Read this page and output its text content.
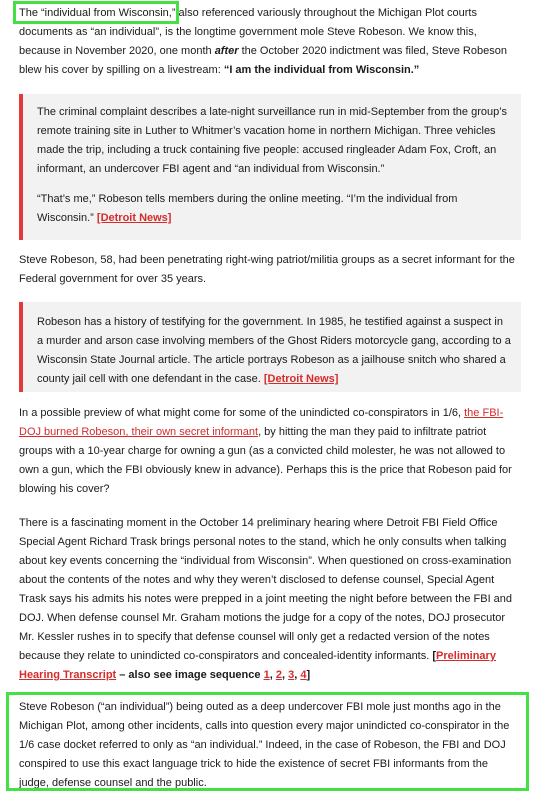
The “individual from Wisconsin,” also referenced variously throughout the Michigan Plot courts documents as “an individual”, is the longtime government mole Steve Robeson. We know this, because in November 2020, one month after the October 2020 indictment was filed, Steve Robeson blew his cover by spilling on a livestream: “I am the individual from Wisconsin.”

The criminal complaint describes a late-night surveillance run in mid-September from the group’s remote training site in Luther to Whitmer’s vacation home in northern Michigan. Three vehicles made the trip, including a truck containing five people: accused ringleader Adam Fox, Croft, an informant, an undercover FBI agent and “an individual from Wisconsin.”

“That’s me,” Robeson tells members during the online meeting. “I’m the individual from Wisconsin.” [Detroit News]

Steve Robeson, 58, had been penetrating right-wing patriot/militia groups as a secret informant for the Federal government for over 35 years.

Robeson has a history of testifying for the government. In 1985, he testified against a suspect in a murder and arson case involving members of the Ghost Riders motorcycle gang, according to a Wisconsin State Journal article. The article portrays Robeson as a jailhouse snitch who shared a county jail cell with one defendant in the case. [Detroit News]

In a possible preview of what might come for some of the unindicted co-conspirators in 1/6, the FBI-DOJ burned Robeson, their own secret informant, by hitting the man they paid to infiltrate patriot groups with a 10-year charge for owning a gun (as a convicted child molester, he was not allowed to own a gun, which the FBI obviously knew in advance). Perhaps this is the price that Robeson paid for blowing his cover?

There is a fascinating moment in the October 14 preliminary hearing where Detroit FBI Field Office Special Agent Richard Trask brings personal notes to the stand, which he only consults when talking about key events concerning the “individual from Wisconsin”. When questioned on cross-examination about the contents of the notes and why they weren’t disclosed to defense counsel, Special Agent Trask says his admits his notes were prepped in a joint meeting the night before between the FBI and DOJ. When defense counsel Mr. Graham motions the judge for a copy of the notes, DOJ prosecutor Mr. Kessler rushes in to specify that defense counsel will only get a redacted version of the notes because they relate to unindicted co-conspirators and concealed-identity informants. [Preliminary Hearing Transcript – also see image sequence 1, 2, 3, 4]

Steve Robeson (“an individual”) being outed as a deep undercover FBI mole just months ago in the Michigan Plot, among other incidents, calls into question every major unindicted co-conspirator in the 1/6 case docket referred to only as “an individual.” Indeed, in the case of Robeson, the FBI and DOJ conspired to use this exact language trick to hide the existence of secret FBI informants from the judge, defense counsel and the public.
